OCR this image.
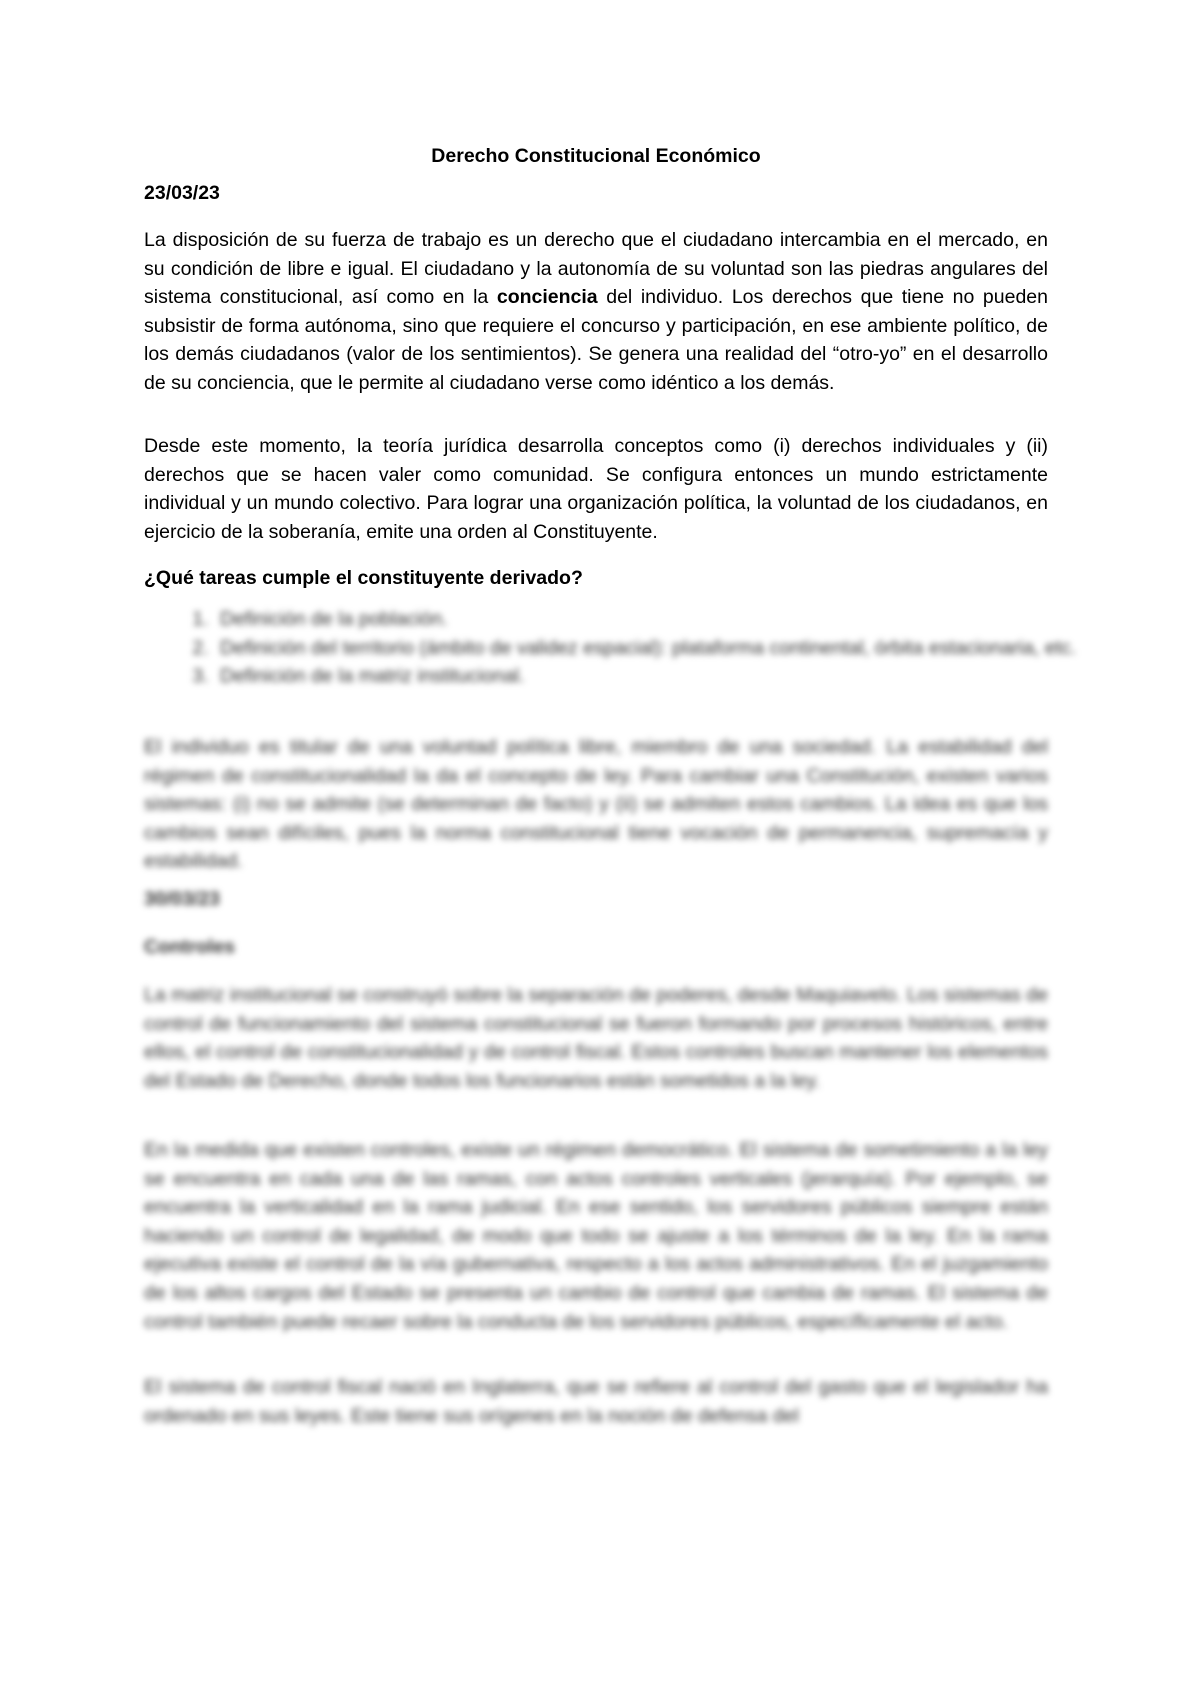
Derecho Constitucional Económico
23/03/23
La disposición de su fuerza de trabajo es un derecho que el ciudadano intercambia en el mercado, en su condición de libre e igual. El ciudadano y la autonomía de su voluntad son las piedras angulares del sistema constitucional, así como en la conciencia del individuo. Los derechos que tiene no pueden subsistir de forma autónoma, sino que requiere el concurso y participación, en ese ambiente político, de los demás ciudadanos (valor de los sentimientos). Se genera una realidad del “otro-yo” en el desarrollo de su conciencia, que le permite al ciudadano verse como idéntico a los demás.
Desde este momento, la teoría jurídica desarrolla conceptos como (i) derechos individuales y (ii) derechos que se hacen valer como comunidad. Se configura entonces un mundo estrictamente individual y un mundo colectivo. Para lograr una organización política, la voluntad de los ciudadanos, en ejercicio de la soberanía, emite una orden al Constituyente.
¿Qué tareas cumple el constituyente derivado?
1. Definición de la población.
2. Definición del territorio (ámbito de validez espacial): plataforma continental, órbita estacionaria, etc.
3. Definición de la matriz institucional.
El individuo es titular de una voluntad política libre, miembro de una sociedad. La estabilidad del régimen de constitucionalidad la da el concepto de ley. Para cambiar una Constitución, existen varios sistemas: (i) no se admite (se determinan de facto) y (ii) se admiten estos cambios. La idea es que los cambios sean difíciles, pues la norma constitucional tiene vocación de permanencia, supremacía y estabilidad.
30/03/23
Controles
La matriz institucional se construyó sobre la separación de poderes, desde Maquiavelo. Los sistemas de control de funcionamiento del sistema constitucional se fueron formando por procesos históricos, entre ellos, el control de constitucionalidad y de control fiscal. Estos controles buscan mantener los elementos del Estado de Derecho, donde todos los funcionarios están sometidos a la ley.
En la medida que existen controles, existe un régimen democrático. El sistema de sometimiento a la ley se encuentra en cada una de las ramas, con actos controles verticales (jerarquía). Por ejemplo, se encuentra la verticalidad en la rama judicial. En ese sentido, los servidores públicos siempre están haciendo un control de legalidad, de modo que todo se ajuste a los términos de la ley. En la rama ejecutiva existe el control de la vía gubernativa, respecto a los actos administrativos. En el juzgamiento de los altos cargos del Estado se presenta un cambio de control que cambia de ramas. El sistema de control también puede recaer sobre la conducta de los servidores públicos, específicamente el acto.
El sistema de control fiscal nació en Inglaterra, que se refiere al control del gasto que el legislador ha ordenado en sus leyes. Este tiene sus orígenes en la noción de defensa del
